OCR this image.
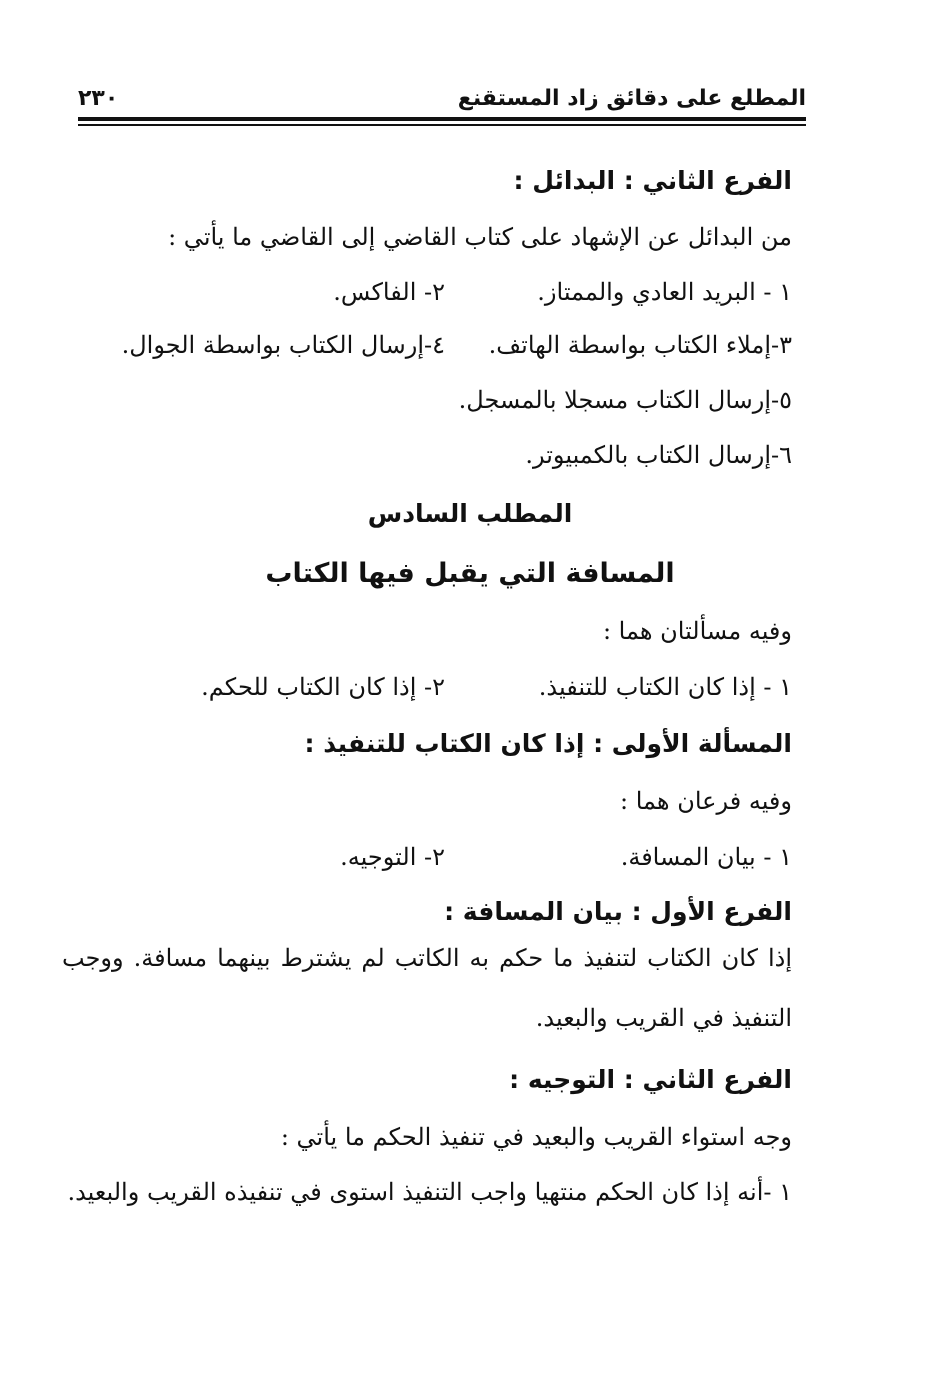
المطلع على دقائق زاد المستقنع
٢٣٠
الفرع الثاني : البدائل :
من البدائل عن الإشهاد على كتاب القاضي إلى القاضي ما يأتي :
١ - البريد العادي والممتاز.
٢- الفاكس.
٣-إملاء الكتاب بواسطة الهاتف.
٤-إرسال الكتاب بواسطة الجوال.
٥-إرسال الكتاب مسجلا بالمسجل.
٦-إرسال الكتاب بالكمبيوتر.
المطلب السادس
المسافة التي يقبل فيها الكتاب
وفيه مسألتان هما :
١ - إذا كان الكتاب للتنفيذ.
٢- إذا كان الكتاب للحكم.
المسألة الأولى : إذا كان الكتاب للتنفيذ :
وفيه فرعان هما :
١ - بيان المسافة.
٢- التوجيه.
الفرع الأول : بيان المسافة :
إذا كان الكتاب لتنفيذ ما حكم به الكاتب لم يشترط بينهما مسافة. ووجب التنفيذ في القريب والبعيد.
الفرع الثاني : التوجيه :
وجه استواء القريب والبعيد في تنفيذ الحكم ما يأتي :
١ -أنه إذا كان الحكم منتهيا واجب التنفيذ استوى في تنفيذه القريب والبعيد.
